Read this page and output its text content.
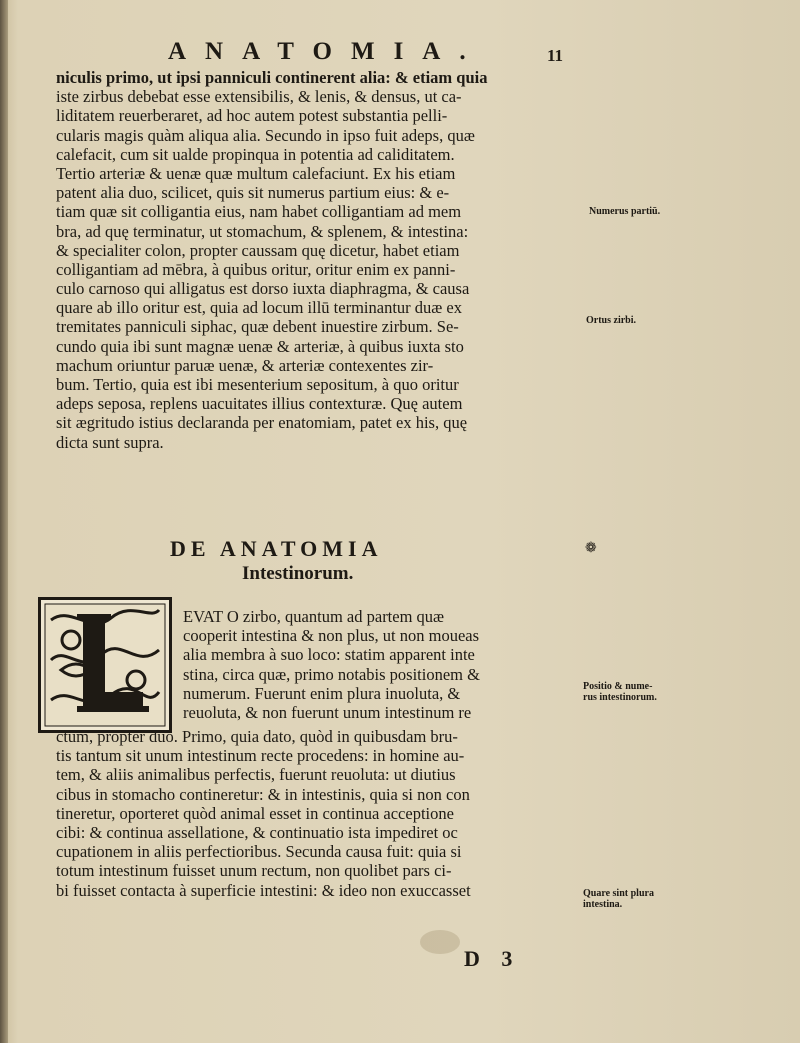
ANATOMIA.	11
niculis primo, ut ipsi panniculi continerent alia: & etiam quia
iste zirbus debebat esse extensibilis, & lenis, & densus, ut ca-
liditatem reuerberaret, ad hoc autem potest substantia pelli-
cularis magis quàm aliqua alia. Secundo in ipso fuit adeps, quæ
calefacit, cum sit ualde propinqua in potentia ad caliditatem.
Tertio arteriæ & uenæ quæ multum calefaciunt. Ex his etiam
patent alia duo, scilicet, quis sit numerus partium eius: & e-
tiam quæ sit colligantia eius, nam habet colligantiam ad mem
bra, ad quę terminatur, ut stomachum, & splenem, & intestina:
& specialiter colon, propter caussam quę dicetur, habet etiam
colligantiam ad mēbra, à quibus oritur, oritur enim ex panni-
culo carnoso qui alligatus est dorso iuxta diaphragma, & causa
quare ab illo oritur est, quia ad locum illū terminantur duæ ex
tremitates panniculi siphac, quæ debent inuestire zirbum. Se-
cundo quia ibi sunt magnæ uenæ & arteriæ, à quibus iuxta sto
machum oriuntur paruæ uenæ, & arteriæ contexentes zir-
bum. Tertio, quia est ibi mesenterium sepositum, à quo oritur
adeps seposa, replens uacuitates illius contexturæ. Quę autem
sit ægritudo istius declaranda per enatomiam, patet ex his, quę
dicta sunt supra.
Numerus partiū.
Ortus zirbi.
DE ANATOMIA	❁
Intestinorum.
EVAT O zirbo, quantum ad partem quæ
cooperit intestina & non plus, ut non moueas
alia membra à suo loco: statim apparent inte
stina, circa quæ, primo notabis positionem &
numerum. Fuerunt enim plura inuoluta, &
reuoluta, & non fuerunt unum intestinum re
Positio & nume-
rus intestinorum.
ctum, propter duo. Primo, quia dato, quòd in quibusdam bru-
tis tantum sit unum intestinum recte procedens: in homine au-
tem, & aliis animalibus perfectis, fuerunt reuoluta: ut diutius
cibus in stomacho contineretur: & in intestinis, quia si non con
tineretur, oporteret quòd animal esset in continua acceptione
cibi: & continua assellatione, & continuatio ista impediret oc
cupationem in aliis perfectioribus. Secunda causa fuit: quia si
totum intestinum fuisset unum rectum, non quolibet pars ci-
bi fuisset contacta à superficie intestini: & ideo non exuccasset	Quare sint plura
intestina.
D 3
